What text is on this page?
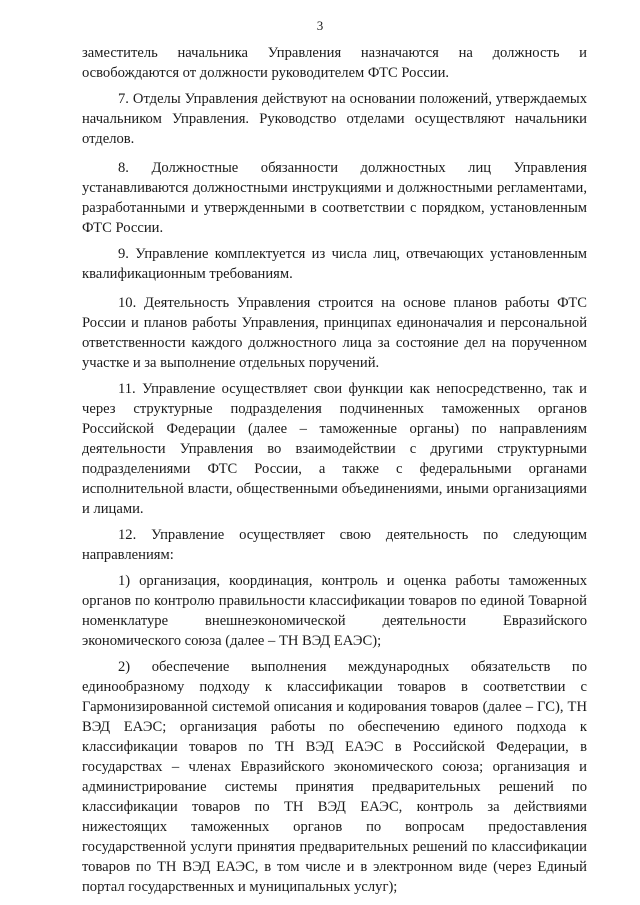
3

заместитель начальника Управления назначаются на должность и освобождаются от должности руководителем ФТС России.

7. Отделы Управления действуют на основании положений, утверждаемых начальником Управления. Руководство отделами осуществляют начальники отделов.

8. Должностные обязанности должностных лиц Управления устанавливаются должностными инструкциями и должностными регламентами, разработанными и утвержденными в соответствии с порядком, установленным ФТС России.

9. Управление комплектуется из числа лиц, отвечающих установленным квалификационным требованиям.

10. Деятельность Управления строится на основе планов работы ФТС России и планов работы Управления, принципах единоначалия и персональной ответственности каждого должностного лица за состояние дел на порученном участке и за выполнение отдельных поручений.

11. Управление осуществляет свои функции как непосредственно, так и через структурные подразделения подчиненных таможенных органов Российской Федерации (далее – таможенные органы) по направлениям деятельности Управления во взаимодействии с другими структурными подразделениями ФТС России, а также с федеральными органами исполнительной власти, общественными объединениями, иными организациями и лицами.

12. Управление осуществляет свою деятельность по следующим направлениям:

1) организация, координация, контроль и оценка работы таможенных органов по контролю правильности классификации товаров по единой Товарной номенклатуре внешнеэкономической деятельности Евразийского экономического союза (далее – ТН ВЭД ЕАЭС);

2) обеспечение выполнения международных обязательств по единообразному подходу к классификации товаров в соответствии с Гармонизированной системой описания и кодирования товаров (далее – ГС), ТН ВЭД ЕАЭС; организация работы по обеспечению единого подхода к классификации товаров по ТН ВЭД ЕАЭС в Российской Федерации, в государствах – членах Евразийского экономического союза; организация и администрирование системы принятия предварительных решений по классификации товаров по ТН ВЭД ЕАЭС, контроль за действиями нижестоящих таможенных органов по вопросам предоставления государственной услуги принятия предварительных решений по классификации товаров по ТН ВЭД ЕАЭС, в том числе и в электронном виде (через Единый портал государственных и муниципальных услуг);
